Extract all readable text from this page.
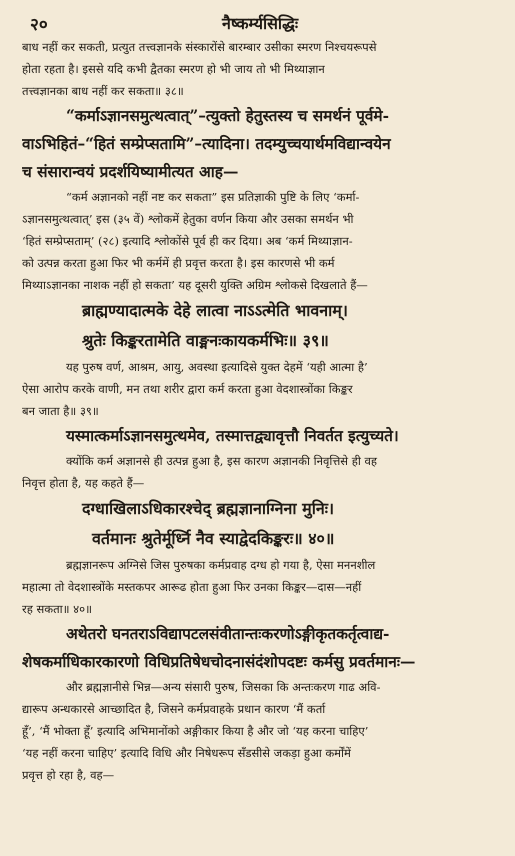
२०	नैष्कर्म्यसिद्धिः
बाध नहीं कर सकती, प्रत्युत तत्त्वज्ञानके संस्कारोंसे बारम्बार उसीका स्मरण निश्चयरूपसे
होता रहता है। इससे यदि कभी द्वैतका स्मरण हो भी जाय तो भी मिथ्याज्ञान
तत्त्वज्ञानका बाध नहीं कर सकता॥ ३८॥
“कर्माऽज्ञानसमुत्थत्वात्”–त्युक्तो हेतुस्तस्य च समर्थनं पूर्वमे-
वाऽभिहितं–“हितं सम्प्रेप्सतामि”–त्यादिना। तदम्युच्चयार्थमविद्यान्वयेन
च संसारान्वयं प्रदर्शयिष्यामीत्यत आह—
“कर्म अज्ञानको नहीं नष्ट कर सकता” इस प्रतिज्ञाकी पुष्टि के लिए ‘कर्मा-
ऽज्ञानसमुत्थत्वात्’ इस (३५ वें) श्लोकमें हेतुका वर्णन किया और उसका समर्थन भी
‘हितं सम्प्रेप्सताम्’ (२८) इत्यादि श्लोकोंसे पूर्व ही कर दिया। अब ‘कर्म मिथ्याज्ञान-
को उत्पन्न करता हुआ फिर भी कर्ममें ही प्रवृत्त करता है। इस कारणसे भी कर्म
मिथ्याऽज्ञानका नाशक नहीं हो सकता’ यह दूसरी युक्ति अग्रिम श्लोकसे दिखलाते हैं—
ब्राह्मण्यादात्मके देहे लात्वा नाऽऽत्मेति भावनाम्।
श्रुतेः किङ्करतामेति वाङ्मनःकायकर्मभिः॥ ३९॥
यह पुरुष वर्ण, आश्रम, आयु, अवस्था इत्यादिसे युक्त देहमें ‘यही आत्मा है’
ऐसा आरोप करके वाणी, मन तथा शरीर द्वारा कर्म करता हुआ वेदशास्त्रोंका किङ्कर
बन जाता है॥ ३९॥
यस्मात्कर्माऽज्ञानसमुत्थमेव, तस्मात्तद्व्यावृत्तौ निवर्तत इत्युच्यते।
क्योंकि कर्म अज्ञानसे ही उत्पन्न हुआ है, इस कारण अज्ञानकी निवृत्तिसे ही वह
निवृत्त होता है, यह कहते हैं—
दग्धाखिलाऽधिकारश्चेद् ब्रह्मज्ञानाग्निना मुनिः।
वर्तमानः श्रुतेर्मूर्ध्नि नैव स्याद्वेदकिङ्करः॥ ४०॥
ब्रह्मज्ञानरूप अग्निसे जिस पुरुषका कर्मप्रवाह दग्ध हो गया है, ऐसा मननशील
महात्मा तो वेदशास्त्रोंके मस्तकपर आरूढ होता हुआ फिर उनका किङ्कर—दास—नहीं
रह सकता॥ ४०॥
अथेतरो घनतराऽविद्यापटलसंवीतान्तःकरणोऽङ्गीकृतकर्तृत्वाद्य-
शेषकर्माधिकारकारणो विधिप्रतिषेधचोदनासंदंशोपदष्टः कर्मसु प्रवर्तमानः—
और ब्रह्मज्ञानीसे भिन्न—अन्य संसारी पुरुष, जिसका कि अन्तःकरण गाढ अवि-
द्यारूप अन्धकारसे आच्छादित है, जिसने कर्मप्रवाहके प्रधान कारण ‘मैं कर्ता
हूँ’, ‘मैं भोक्ता हूँ’ इत्यादि अभिमानोंको अङ्गीकार किया है और जो ‘यह करना चाहिए’
‘यह नहीं करना चाहिए’ इत्यादि विधि और निषेधरूप सँडसीसे जकड़ा हुआ कर्मोंमें
प्रवृत्त हो रहा है, वह—
